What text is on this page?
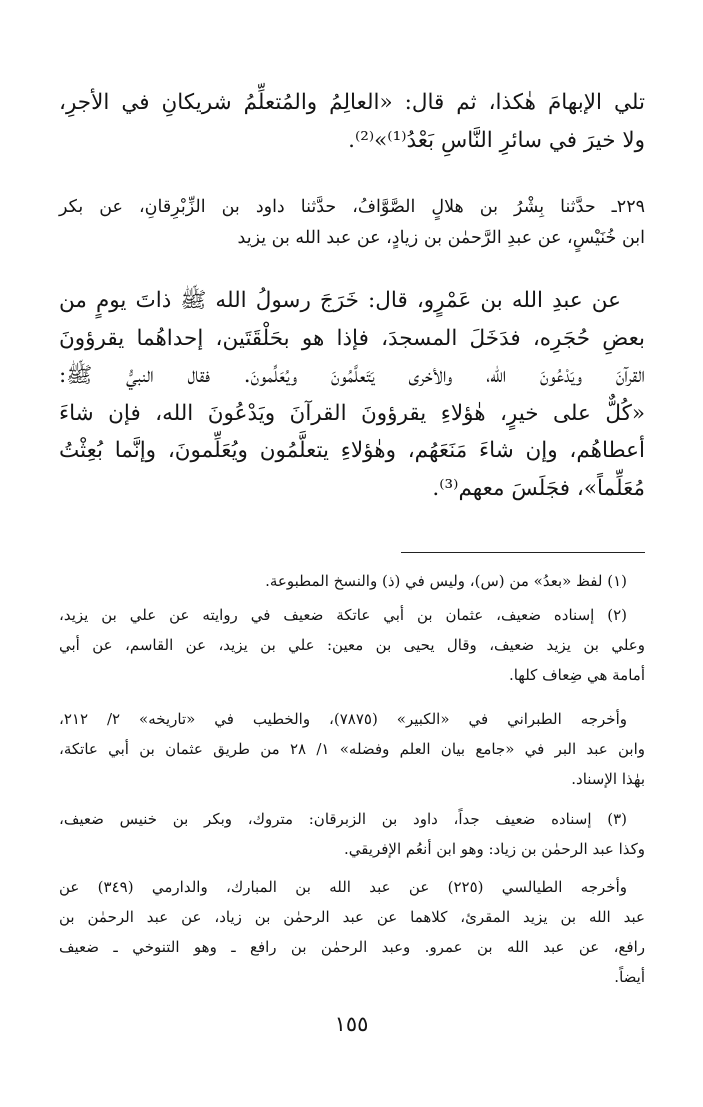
تلي الإبهامَ هٰكذا، ثم قال: «العالِمُ والمُتعلِّمُ شريكانِ في الأجرِ،
ولا خيرَ في سائرِ النَّاسِ بَعْدُ⁽¹⁾»⁽²⁾.
٢٢٩ـ حدَّثنا بِشْرُ بن هلالٍ الصَّوَّافُ، حدَّثنا داود بن الزِّبْرِقانِ، عن بكر
ابن خُنَيْسٍ، عن عبدِ الرَّحمٰن بن زيادٍ، عن عبد الله بن يزيد
عن عبدِ الله بن عَمْرٍو، قال: خَرَجَ رسولُ الله ﷺ ذاتَ يومٍ من
بعضِ حُجَرِه، فدَخَلَ المسجدَ، فإذا هو بحَلْقَتَين، إحداهُما يقرؤونَ
القرآنَ ويَدْعُونَ الله، والأخرى يَتَعلَّمُونَ ويُعَلِّمونَ. فقال النبيُّ ﷺ:
«كُلٌّ على خيرٍ، هٰؤلاءِ يقرؤونَ القرآنَ ويَدْعُونَ الله، فإن شاءَ
أعطاهُم، وإن شاءَ مَنَعَهُم، وهٰؤلاءِ يتعلَّمُون ويُعَلِّمونَ، وإنَّما بُعِثْتُ
مُعَلِّماً»، فجَلَسَ معهم⁽³⁾.
(١) لفظ «بعدُ» من (س)، وليس في (ذ) والنسخ المطبوعة.
(٢) إسناده ضعيف، عثمان بن أبي عاتكة ضعيف في روايته عن علي بن يزيد،
وعلي بن يزيد ضعيف، وقال يحيى بن معين: علي بن يزيد، عن القاسم، عن أبي
أمامة هي ضِعاف كلها.
وأخرجه الطبراني في «الكبير» (٧٨٧٥)، والخطيب في «تاريخه» ٢/ ٢١٢،
وابن عبد البر في «جامع بيان العلم وفضله» ١/ ٢٨ من طريق عثمان بن أبي عاتكة،
بهٰذا الإسناد.
(٣) إسناده ضعيف جداً، داود بن الزبرقان: متروك، وبكر بن خنيس ضعيف،
وكذا عبد الرحمٰن بن زياد: وهو ابن أنعُم الإفريقي.
وأخرجه الطيالسي (٢٢٥) عن عبد الله بن المبارك، والدارمي (٣٤٩) عن
عبد الله بن يزيد المقرئ، كلاهما عن عبد الرحمٰن بن زياد، عن عبد الرحمٰن بن
رافع، عن عبد الله بن عمرو. وعبد الرحمٰن بن رافع ـ وهو التنوخي ـ ضعيف
أيضاً.
١٥٥
